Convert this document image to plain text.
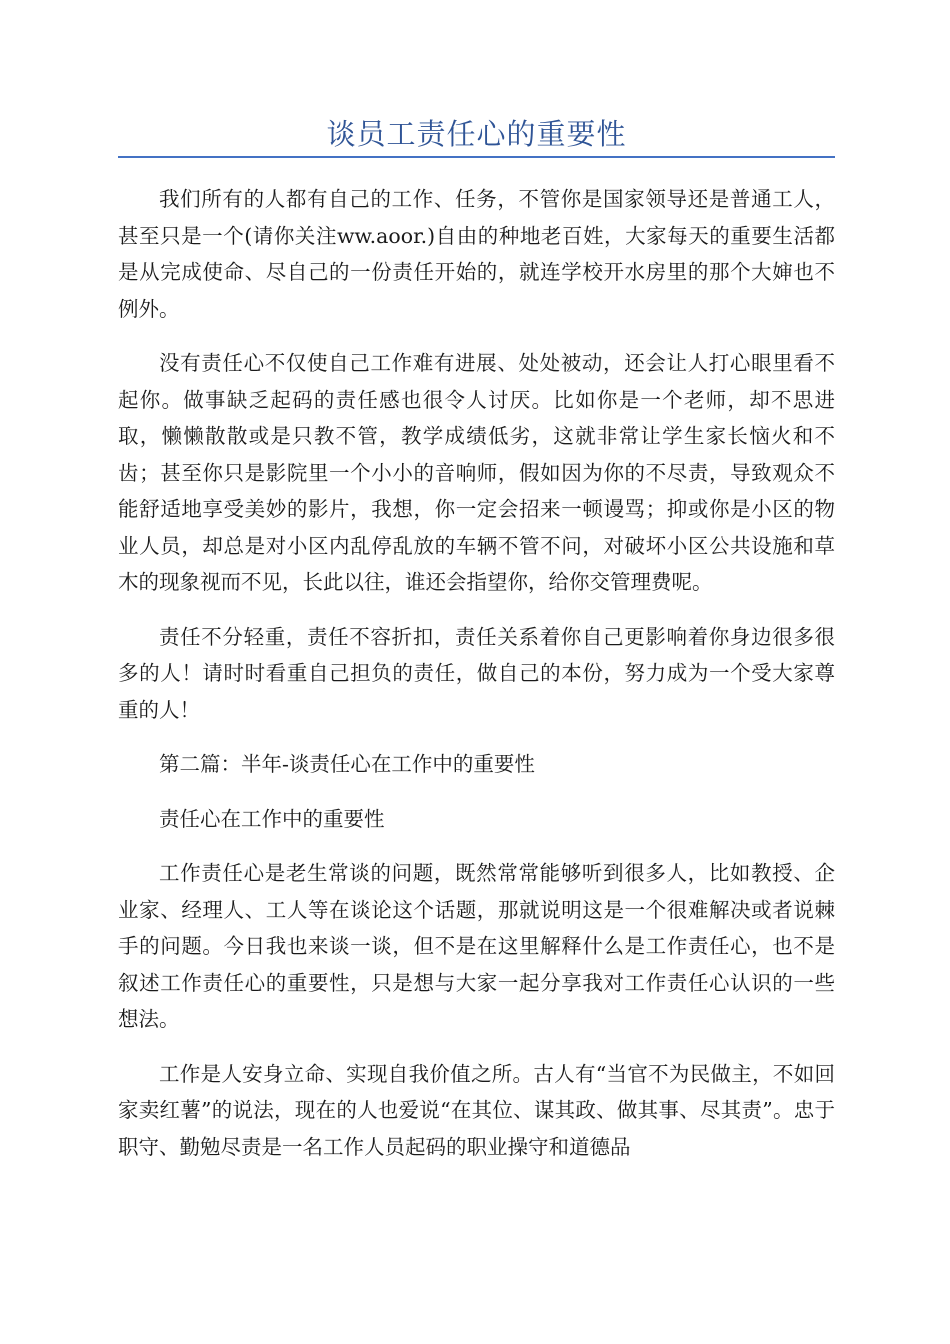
谈员工责任心的重要性

我们所有的人都有自己的工作、任务，不管你是国家领导还是普通工人，甚至只是一个(请你关注ww.aoor.)自由的种地老百姓，大家每天的重要生活都是从完成使命、尽自己的一份责任开始的，就连学校开水房里的那个大婶也不例外。

没有责任心不仅使自己工作难有进展、处处被动，还会让人打心眼里看不起你。做事缺乏起码的责任感也很令人讨厌。比如你是一个老师，却不思进取，懒懒散散或是只教不管，教学成绩低劣，这就非常让学生家长恼火和不齿；甚至你只是影院里一个小小的音响师，假如因为你的不尽责，导致观众不能舒适地享受美妙的影片，我想，你一定会招来一顿谩骂；抑或你是小区的物业人员，却总是对小区内乱停乱放的车辆不管不问，对破坏小区公共设施和草木的现象视而不见，长此以往，谁还会指望你，给你交管理费呢。

责任不分轻重，责任不容折扣，责任关系着你自己更影响着你身边很多很多的人！请时时看重自己担负的责任，做自己的本份，努力成为一个受大家尊重的人！

第二篇：半年-谈责任心在工作中的重要性

责任心在工作中的重要性

工作责任心是老生常谈的问题，既然常常能够听到很多人，比如教授、企业家、经理人、工人等在谈论这个话题，那就说明这是一个很难解决或者说棘手的问题。今日我也来谈一谈，但不是在这里解释什么是工作责任心，也不是叙述工作责任心的重要性，只是想与大家一起分享我对工作责任心认识的一些想法。

工作是人安身立命、实现自我价值之所。古人有“当官不为民做主，不如回家卖红薯”的说法，现在的人也爱说“在其位、谋其政、做其事、尽其责”。忠于职守、勤勉尽责是一名工作人员起码的职业操守和道德品
